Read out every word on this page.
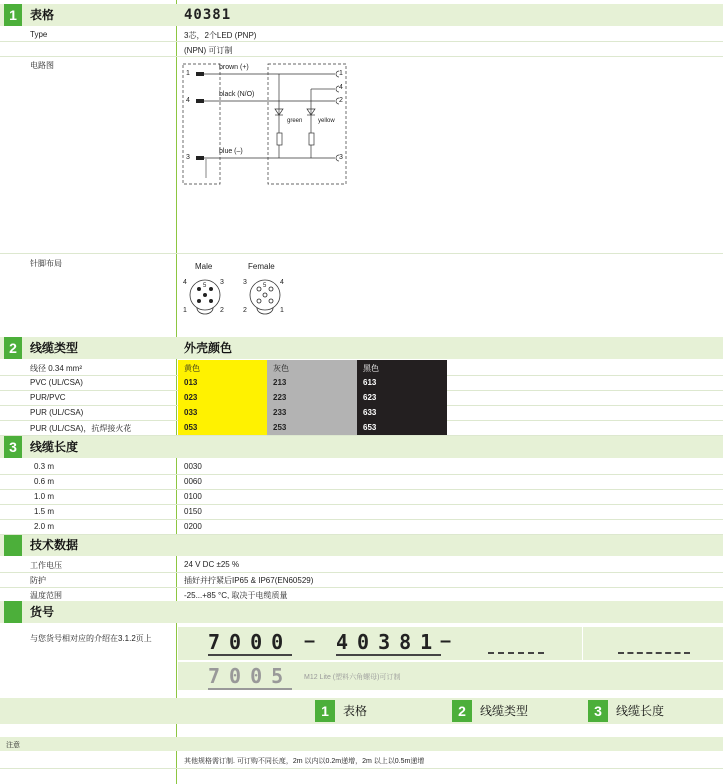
1	表格	40381
Type	3芯，2个LED (PNP)
(NPN) 可订制
电路图
1
4
3
brown (+)
black (N/O)
blue (–)
green	yellow
1
4
2
3
针脚布局	Male	Female
4	5 3
1	2
3	5 4
2	1
2	线缆类型	外壳颜色
线径 0.34 mm²	黄色	灰色	黑色
PVC (UL/CSA)	013	213	613
PUR/PVC	023	223	623
PUR (UL/CSA)	033	233	633
PUR (UL/CSA)，抗焊接火花	053	253	653
3	线缆长度
0.3 m	0030
0.6 m	0060
1.0 m	0100
1.5 m	0150
2.0 m	0200
技术数据
工作电压	24 V DC ±25 %
防护	插好并拧紧后IP65 & IP67(EN60529)
温度范围	-25...+85 °C, 取决于电缆质量
货号
与您货号相对应的介绍在3.1.2页上	7000 – 40381
–
7005 M12 Lite (塑料六角螺母)可订制
1	表格	2	线缆类型	3	线缆长度
注意
其他规格需订制. 可订购不同长度，2m 以内以0.2m递增，2m 以上以0.5m递增
